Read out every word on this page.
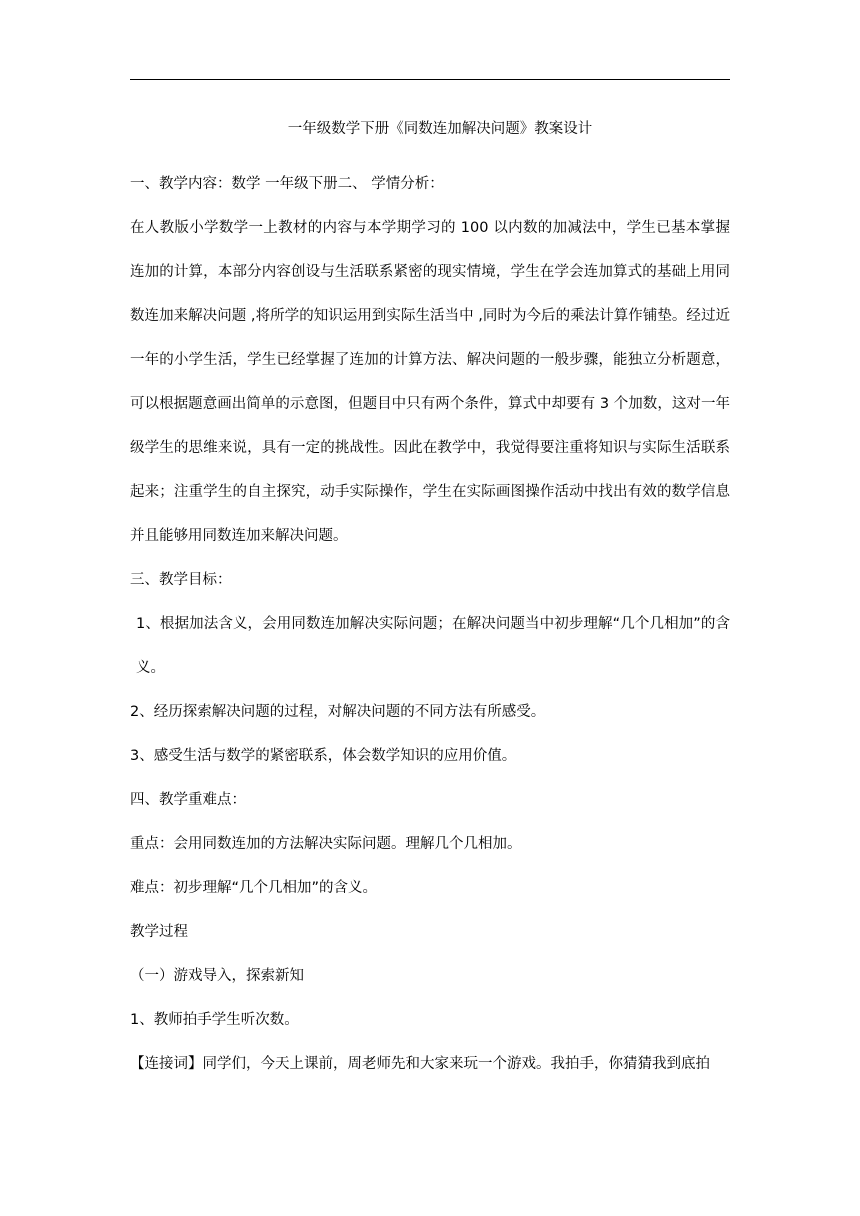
一年级数学下册《同数连加解决问题》教案设计

一、教学内容：数学 一年级下册二、 学情分析：

在人教版小学数学一上教材的内容与本学期学习的 100 以内数的加减法中，学生已基本掌握连加的计算，本部分内容创设与生活联系紧密的现实情境，学生在学会连加算式的基础上用同数连加来解决问题 ,将所学的知识运用到实际生活当中 ,同时为今后的乘法计算作铺垫。经过近一年的小学生活，学生已经掌握了连加的计算方法、解决问题的一般步骤，能独立分析题意，可以根据题意画出简单的示意图，但题目中只有两个条件，算式中却要有 3 个加数，这对一年级学生的思维来说，具有一定的挑战性。因此在教学中，我觉得要注重将知识与实际生活联系起来；注重学生的自主探究，动手实际操作，学生在实际画图操作活动中找出有效的数学信息并且能够用同数连加来解决问题。

三、教学目标：

1、根据加法含义，会用同数连加解决实际问题；在解决问题当中初步理解“几个几相加”的含义。

2、经历探索解决问题的过程，对解决问题的不同方法有所感受。

3、感受生活与数学的紧密联系，体会数学知识的应用价值。

四、教学重难点：

重点：会用同数连加的方法解决实际问题。理解几个几相加。

难点：初步理解“几个几相加”的含义。

教学过程

（一）游戏导入，探索新知

1、教师拍手学生听次数。

【连接词】同学们，今天上课前，周老师先和大家来玩一个游戏。我拍手，你猜猜我到底拍
